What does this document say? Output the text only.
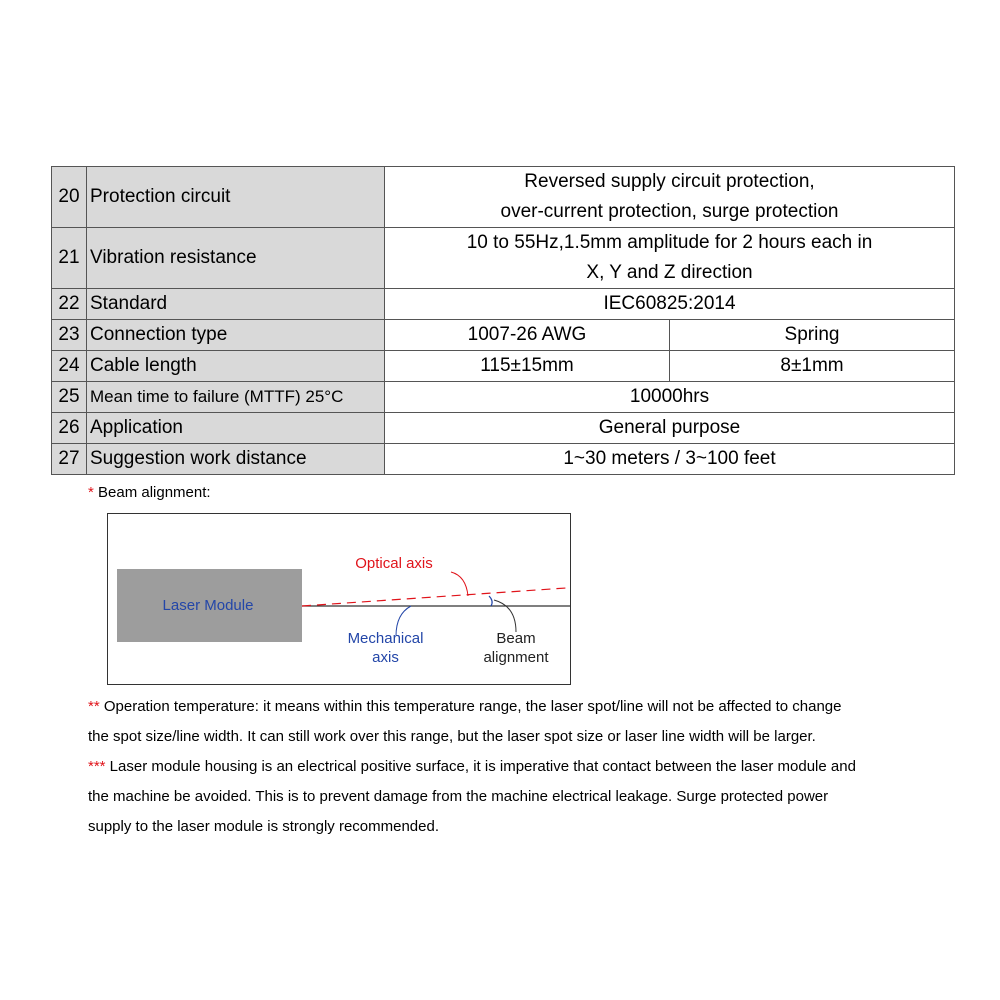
20	Protection circuit	Reversed supply circuit protection,
over-current protection, surge protection	

21	Vibration resistance	10 to 55Hz,1.5mm amplitude for 2 hours each in
X, Y and Z direction	

22	Standard	IEC60825:2014	
23	Connection type	1007-26 AWG	Spring
24	Cable length	115±15mm	8±1mm
25	Mean time to failure (MTTF) 25°C	10000hrs	
26	Application	General purpose	
27	Suggestion work distance	1~30 meters / 3~100 feet	
* Beam alignment:
Laser Module
Optical axis
Mechanical
axis
Beam
alignment
** Operation temperature: it means within this temperature range, the laser spot/line will not be affected to change
the spot size/line width. It can still work over this range, but the laser spot size or laser line width will be larger.
*** Laser module housing is an electrical positive surface, it is imperative that contact between the laser module and
the machine be avoided. This is to prevent damage from the machine electrical leakage. Surge protected power
supply to the laser module is strongly recommended.
